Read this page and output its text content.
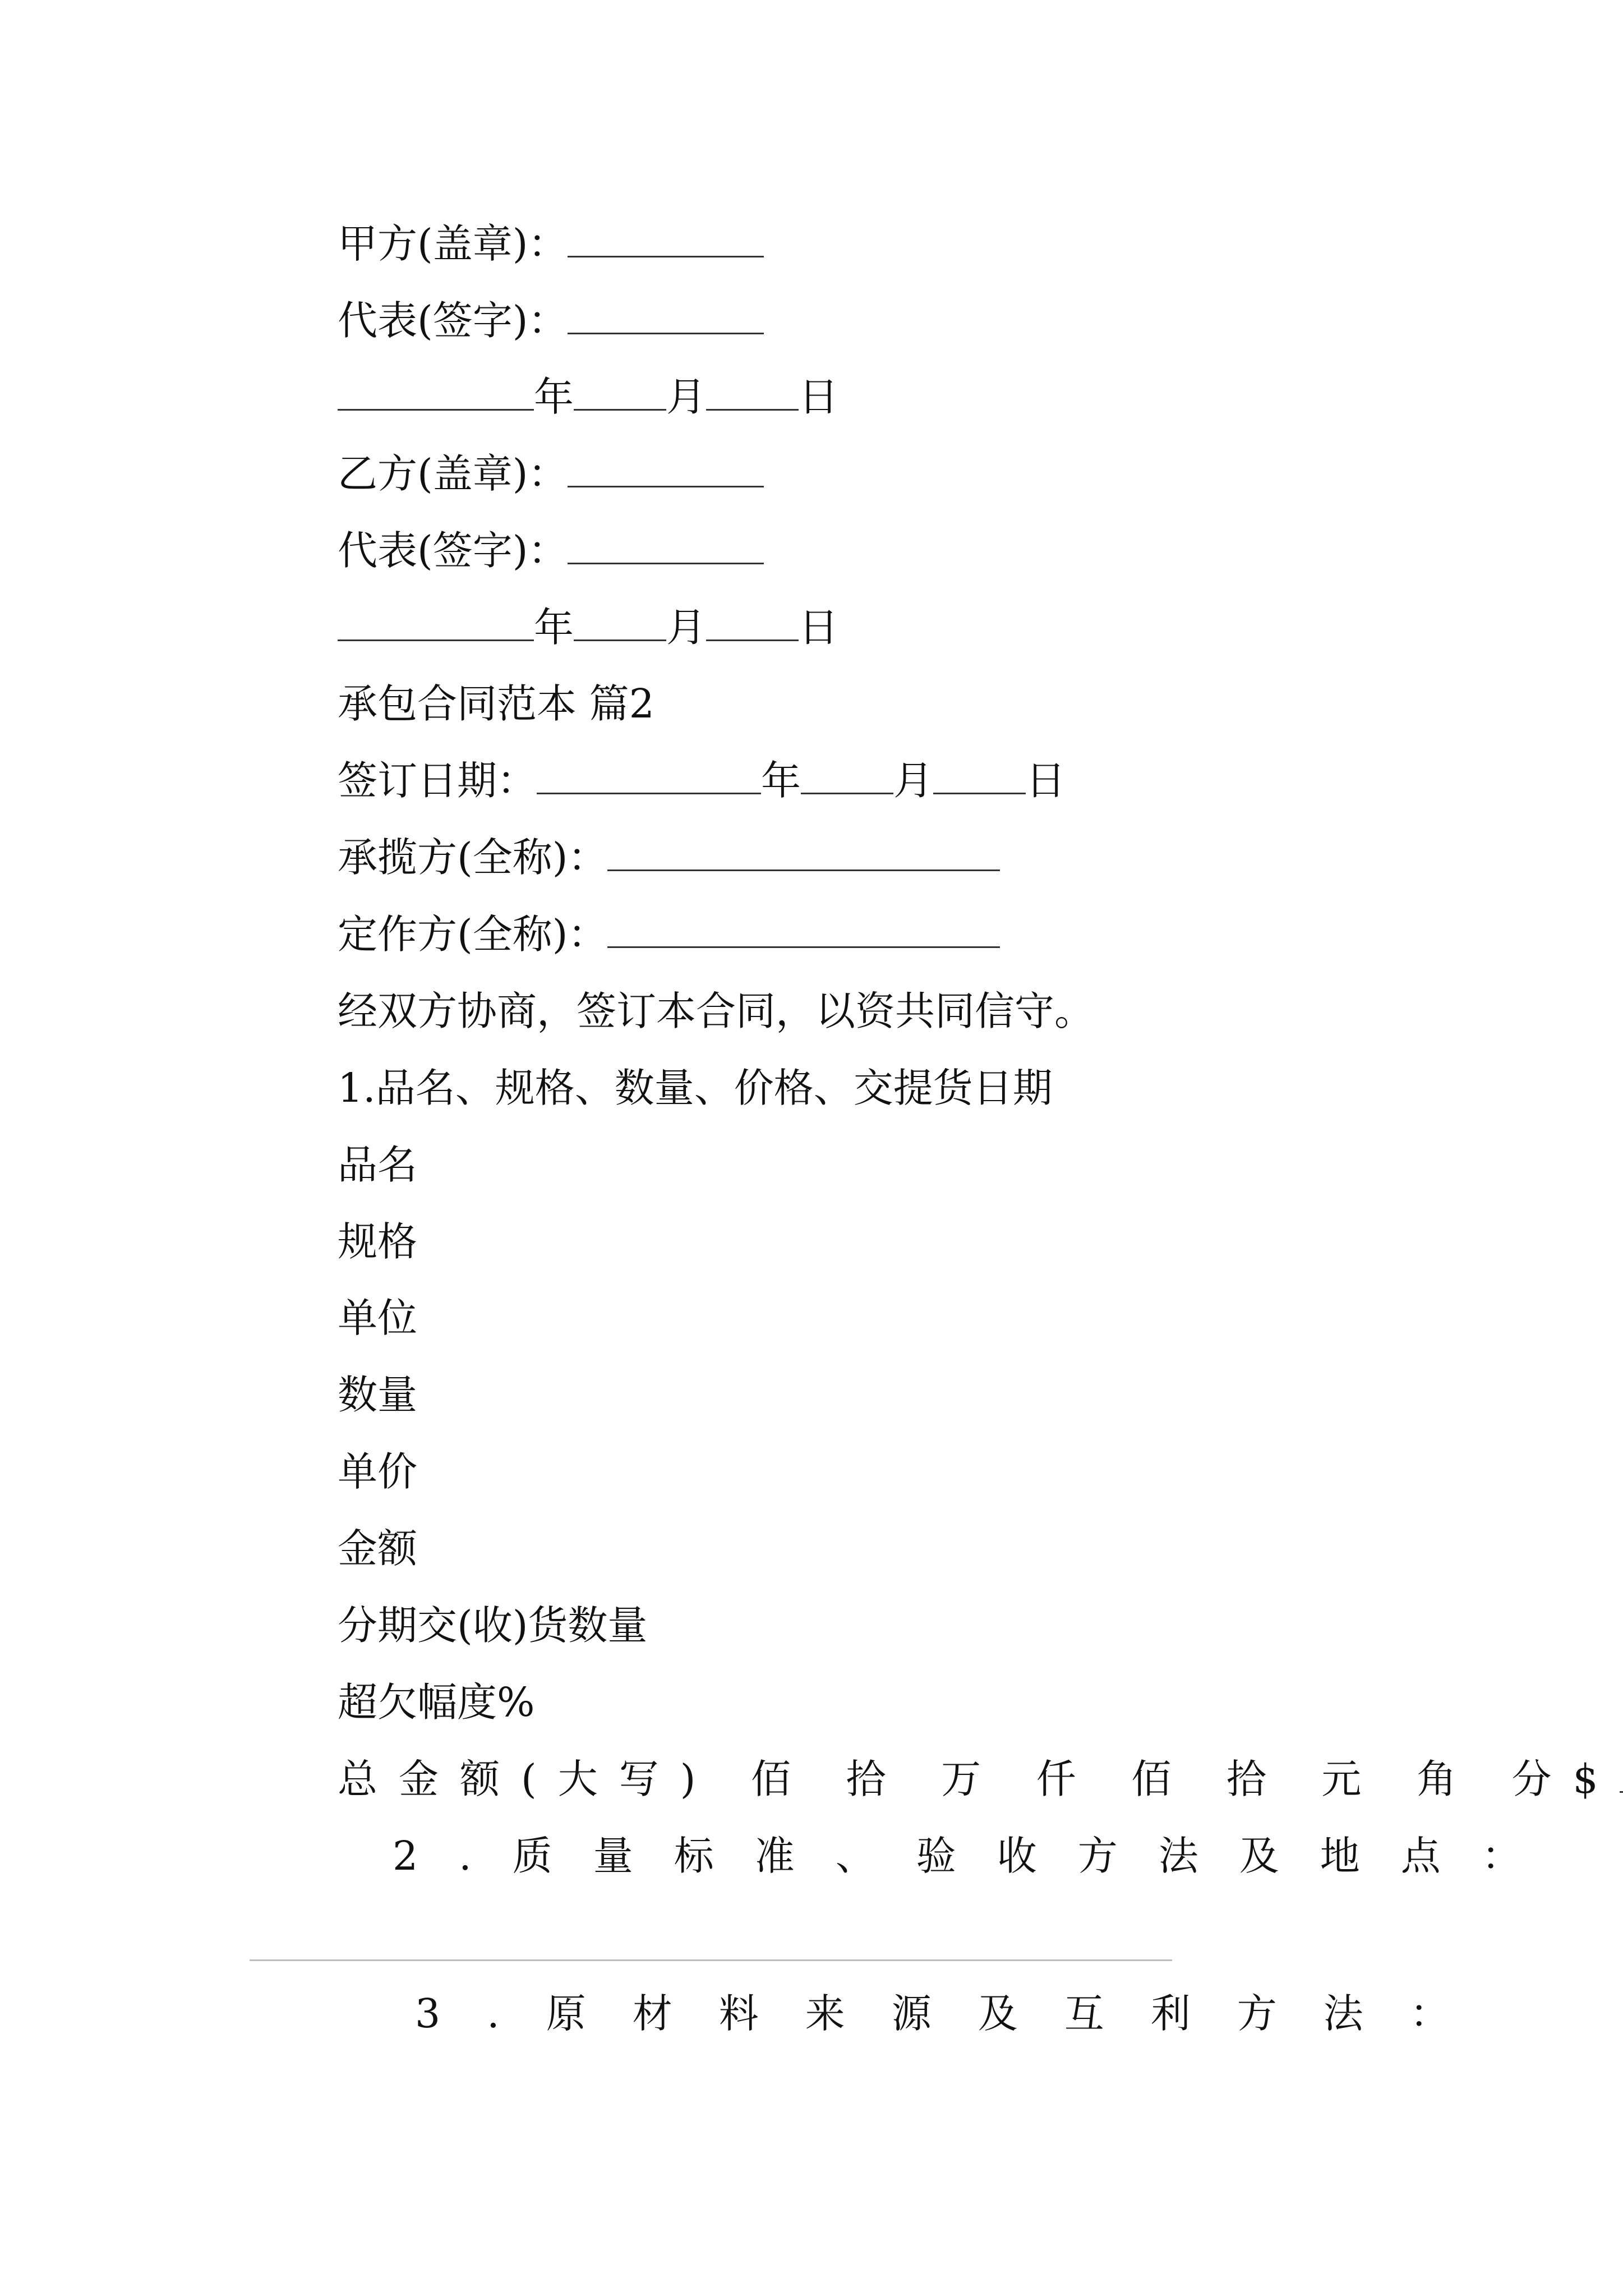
甲方(盖章)：
代表(签字)：
年 月 日
乙方(盖章)：
代表(签字)：
年 月 日
承包合同范本 篇2
签订日期：	年 月 日
承揽方(全称)：
定作方(全称)：
经双方协商，签订本合同，以资共同信守。
1.品名、规格、数量、价格、交提货日期
品名
规格
单位
数量
单价
金额
分期交(收)货数量
超欠幅度%
总金额(大写) 佰 拾 万 仟 佰 拾 元 角 分$
2.质量标准、验收方法及地点：
3.原材料来源及互利方法：
